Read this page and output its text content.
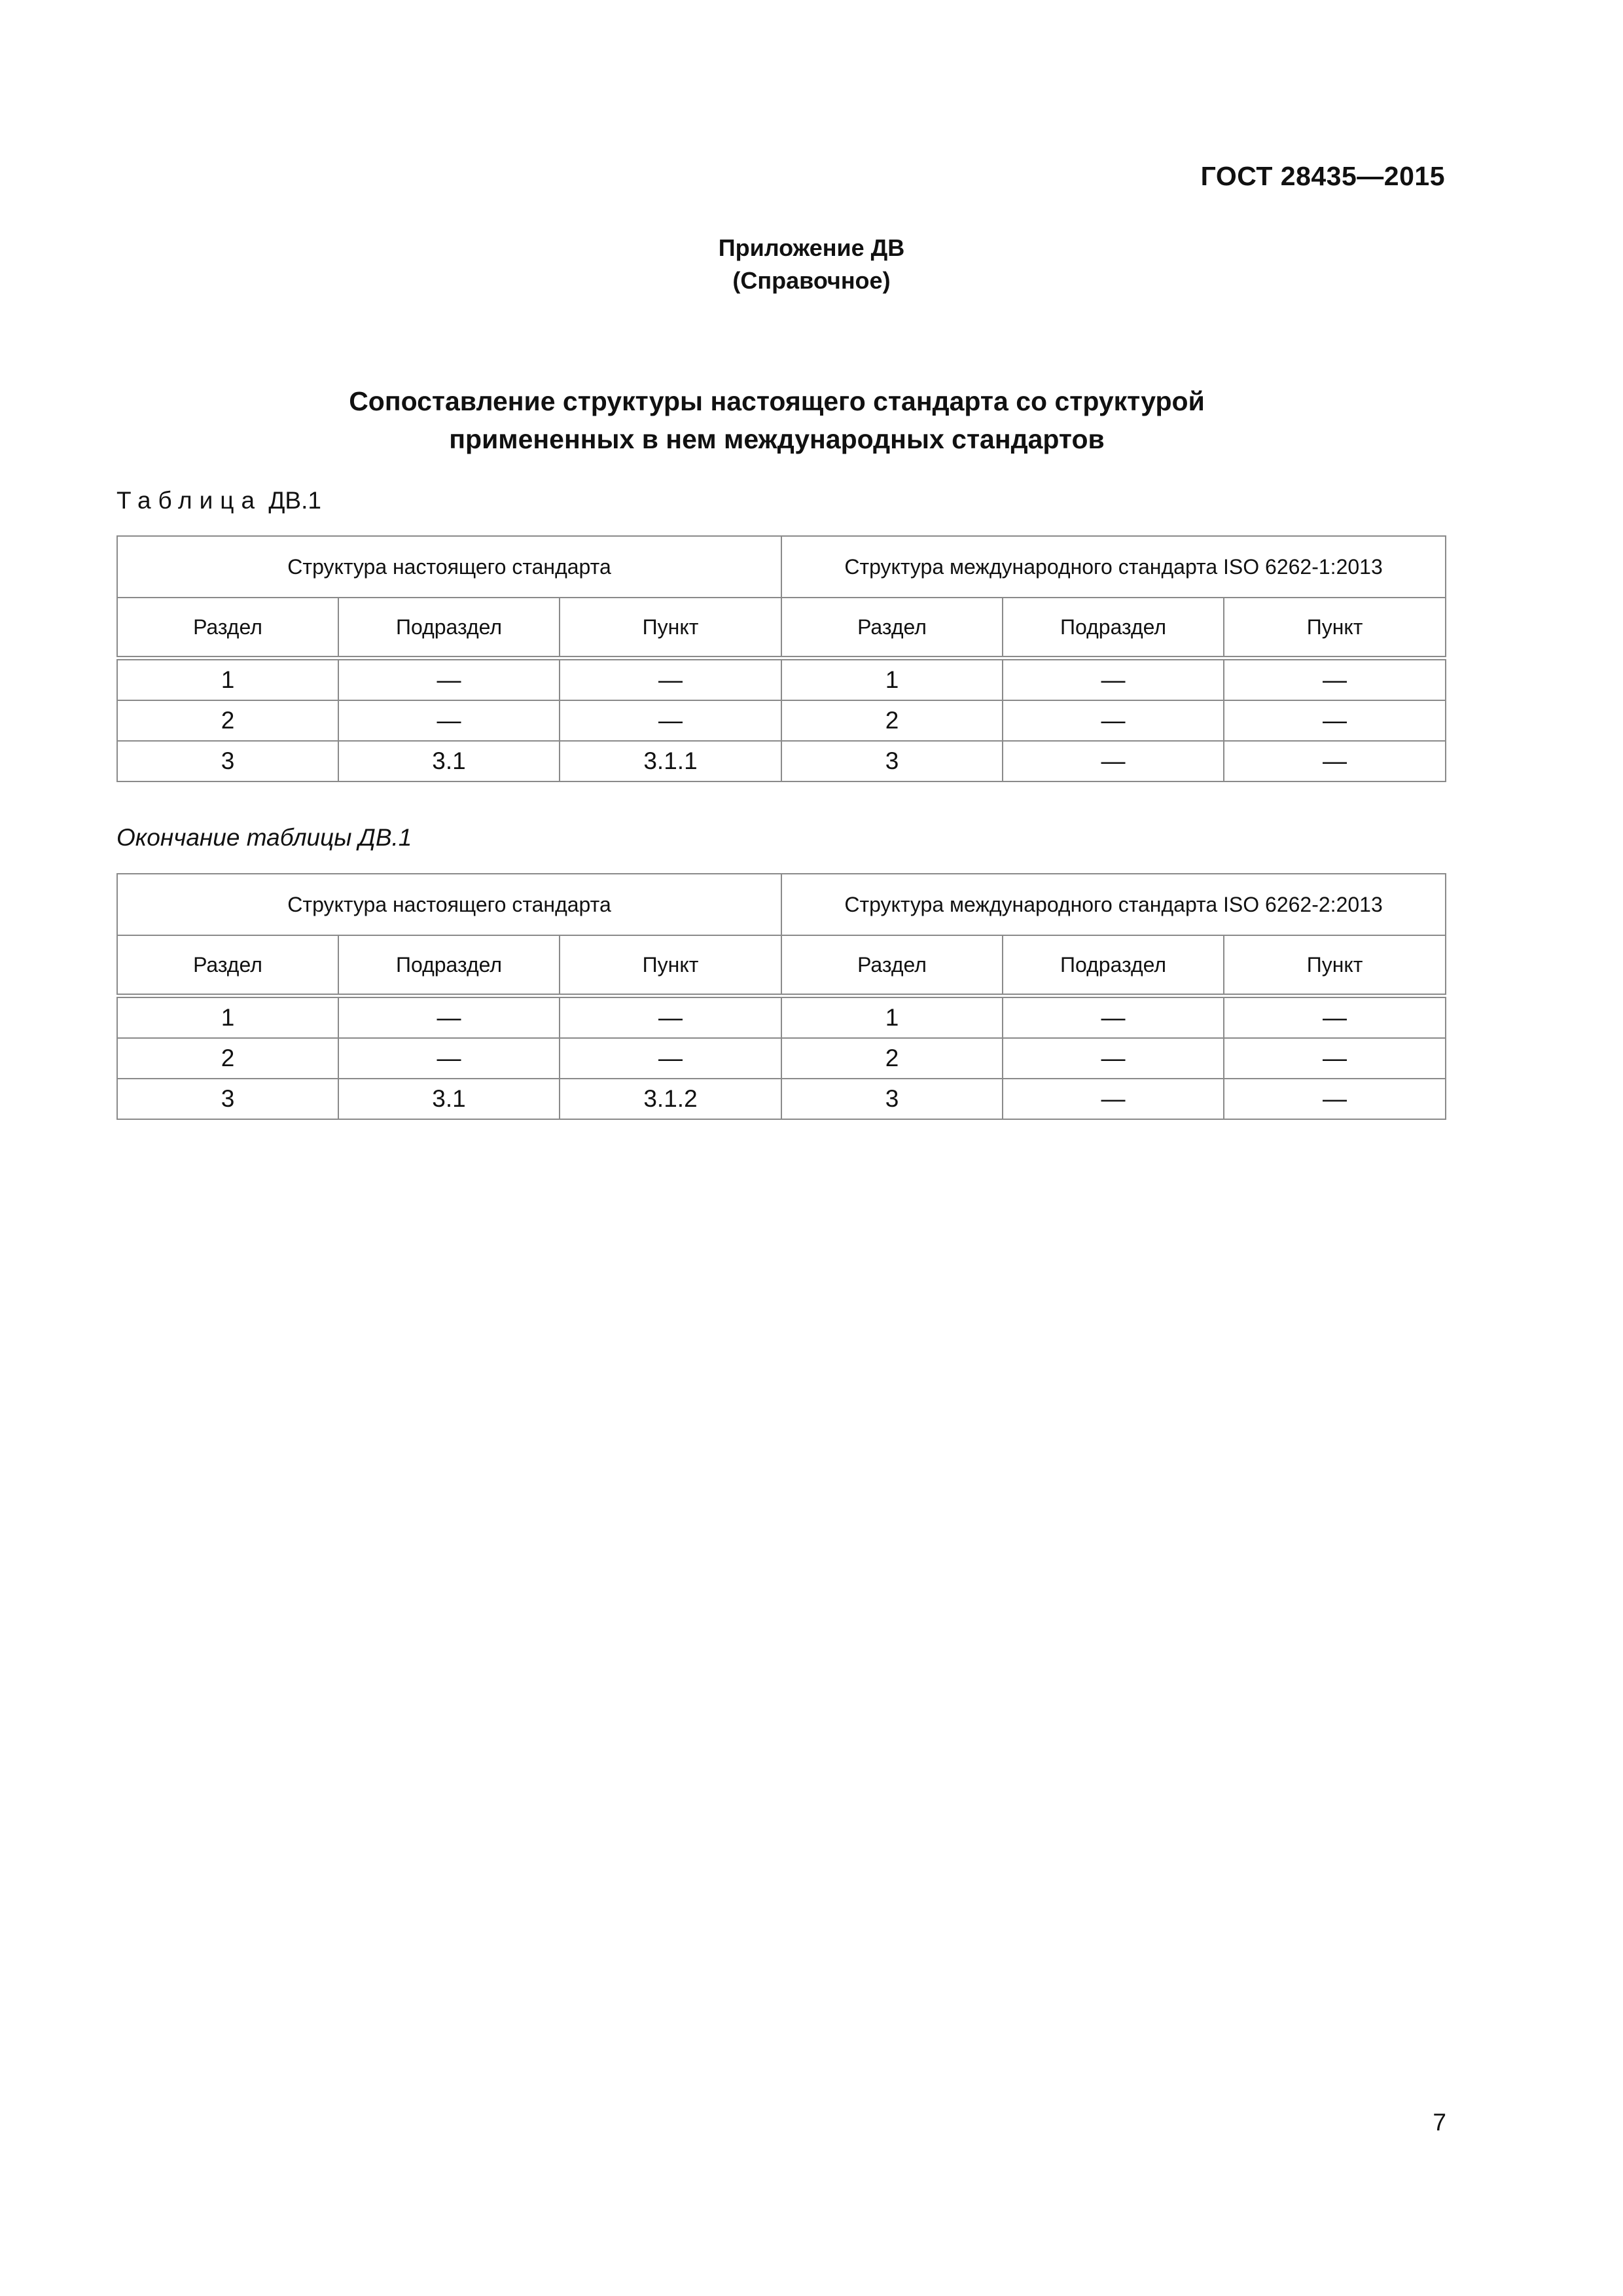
ГОСТ 28435—2015
Приложение ДВ
(Справочное)
Сопоставление структуры настоящего стандарта со структурой
примененных в нем международных стандартов
Таблица ДВ.1
Структура настоящего стандарта			Структура международного стандарта ISO 6262-1:2013		
Раздел	Подраздел	Пункт	Раздел	Подраздел	Пункт
1	—	—	1	—	—
2	—	—	2	—	—
3	3.1	3.1.1	3	—	—
Окончание таблицы ДВ.1
Структура настоящего стандарта			Структура международного стандарта ISO 6262-2:2013		
Раздел	Подраздел	Пункт	Раздел	Подраздел	Пункт
1	—	—	1	—	—
2	—	—	2	—	—
3	3.1	3.1.2	3	—	—
7
